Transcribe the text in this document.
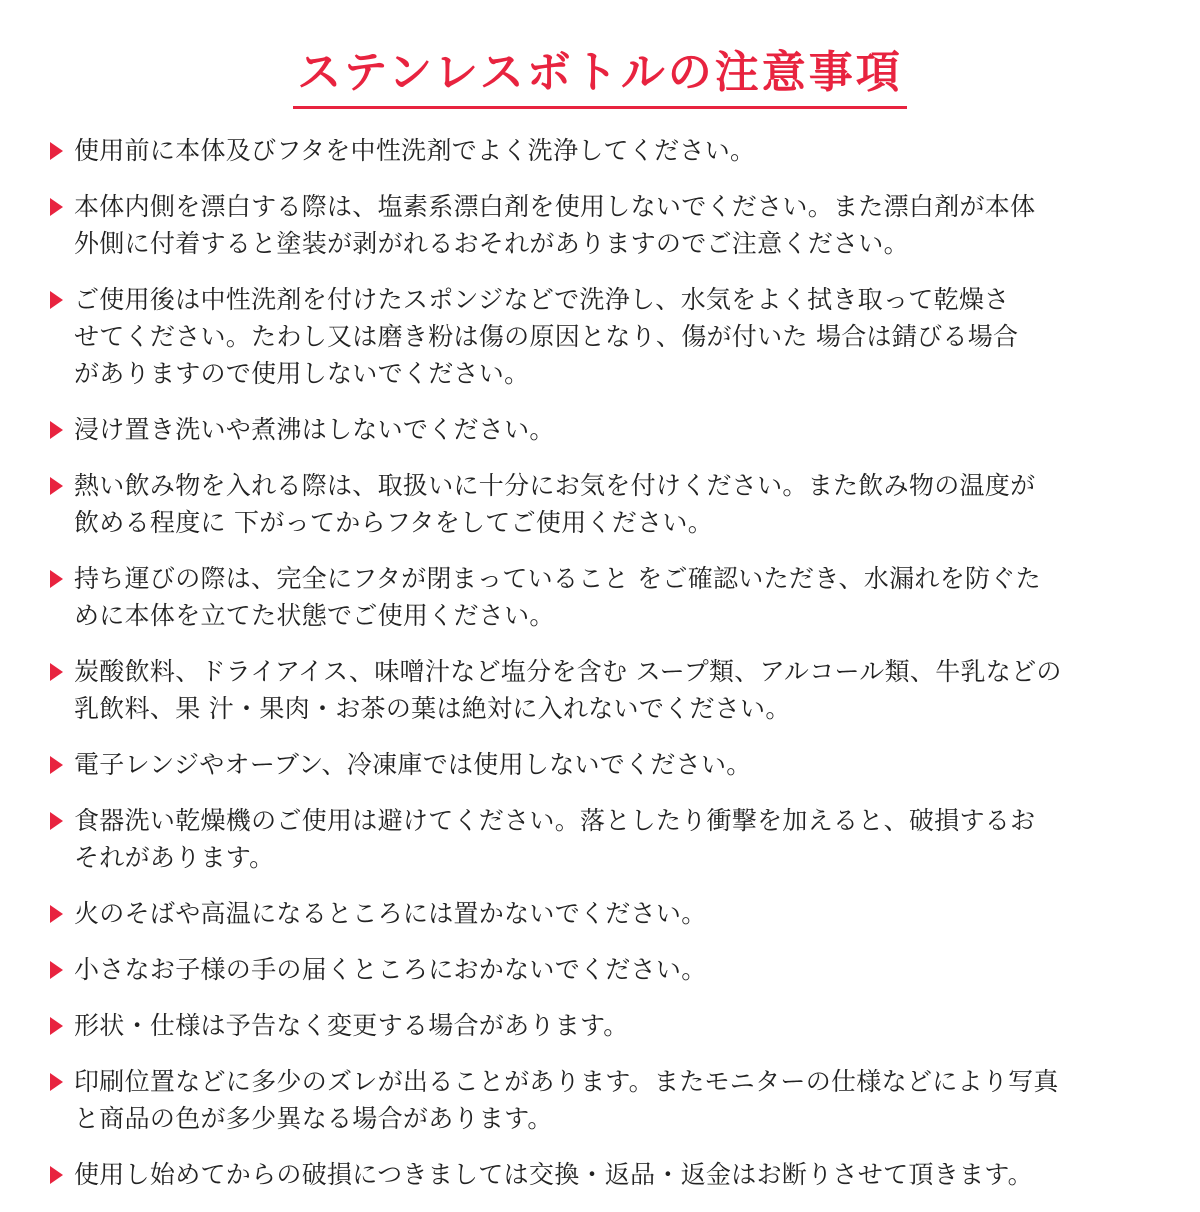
ステンレスボトルの注意事項
使用前に本体及びフタを中性洗剤でよく洗浄してください。
本体内側を漂白する際は、塩素系漂白剤を使用しないでください。また漂白剤が本体
外側に付着すると塗装が剥がれるおそれがありますのでご注意ください。
ご使用後は中性洗剤を付けたスポンジなどで洗浄し、水気をよく拭き取って乾燥さ
せてください。たわし又は磨き粉は傷の原因となり、傷が付いた 場合は錆びる場合
がありますので使用しないでください。
浸け置き洗いや煮沸はしないでください。
熱い飲み物を入れる際は、取扱いに十分にお気を付けください。また飲み物の温度が
飲める程度に 下がってからフタをしてご使用ください。
持ち運びの際は、完全にフタが閉まっていること をご確認いただき、水漏れを防ぐた
めに本体を立てた状態でご使用ください。
炭酸飲料、ドライアイス、味噌汁など塩分を含む スープ類、アルコール類、牛乳などの
乳飲料、果 汁・果肉・お茶の葉は絶対に入れないでください。
電子レンジやオーブン、冷凍庫では使用しないでください。
食器洗い乾燥機のご使用は避けてください。落としたり衝撃を加えると、破損するお
それがあります。
火のそばや高温になるところには置かないでください。
小さなお子様の手の届くところにおかないでください。
形状・仕様は予告なく変更する場合があります。
印刷位置などに多少のズレが出ることがあります。またモニターの仕様などにより写真
と商品の色が多少異なる場合があります。
使用し始めてからの破損につきましては交換・返品・返金はお断りさせて頂きます。
